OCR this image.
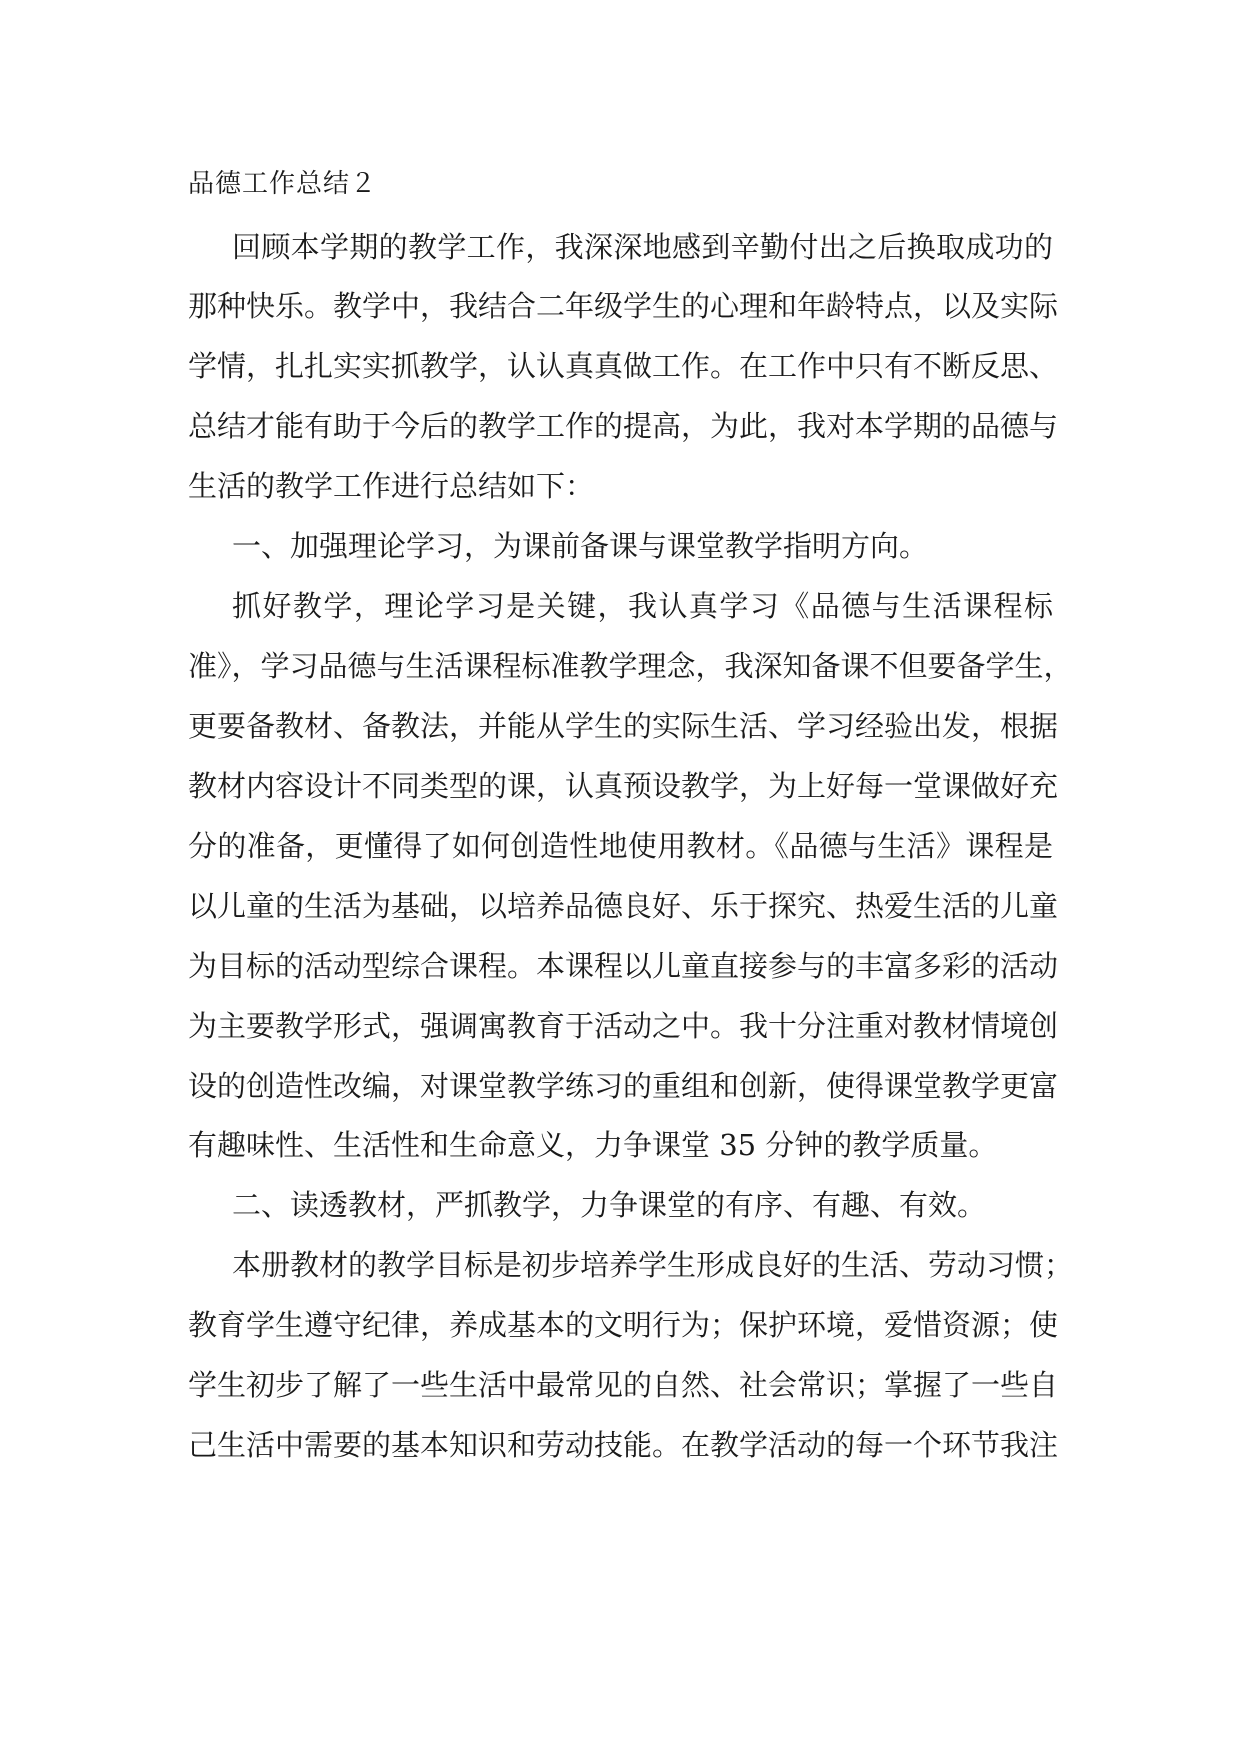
品德工作总结２

回顾本学期的教学工作，我深深地感到辛勤付出之后换取成功的

那种快乐。教学中，我结合二年级学生的心理和年龄特点，以及实际

学情，扎扎实实抓教学，认认真真做工作。在工作中只有不断反思、

总结才能有助于今后的教学工作的提高，为此，我对本学期的品德与

生活的教学工作进行总结如下：

一、加强理论学习，为课前备课与课堂教学指明方向。

抓好教学，理论学习是关键，我认真学习《品德与生活课程标

准》，学习品德与生活课程标准教学理念，我深知备课不但要备学生，

更要备教材、备教法，并能从学生的实际生活、学习经验出发，根据

教材内容设计不同类型的课，认真预设教学，为上好每一堂课做好充

分的准备，更懂得了如何创造性地使用教材。《品德与生活》课程是

以儿童的生活为基础，以培养品德良好、乐于探究、热爱生活的儿童

为目标的活动型综合课程。本课程以儿童直接参与的丰富多彩的活动

为主要教学形式，强调寓教育于活动之中。我十分注重对教材情境创

设的创造性改编，对课堂教学练习的重组和创新，使得课堂教学更富

有趣味性、生活性和生命意义，力争课堂 35 分钟的教学质量。

二、读透教材，严抓教学，力争课堂的有序、有趣、有效。

本册教材的教学目标是初步培养学生形成良好的生活、劳动习惯；

教育学生遵守纪律，养成基本的文明行为；保护环境，爱惜资源；使

学生初步了解了一些生活中最常见的自然、社会常识；掌握了一些自

己生活中需要的基本知识和劳动技能。在教学活动的每一个环节我注
